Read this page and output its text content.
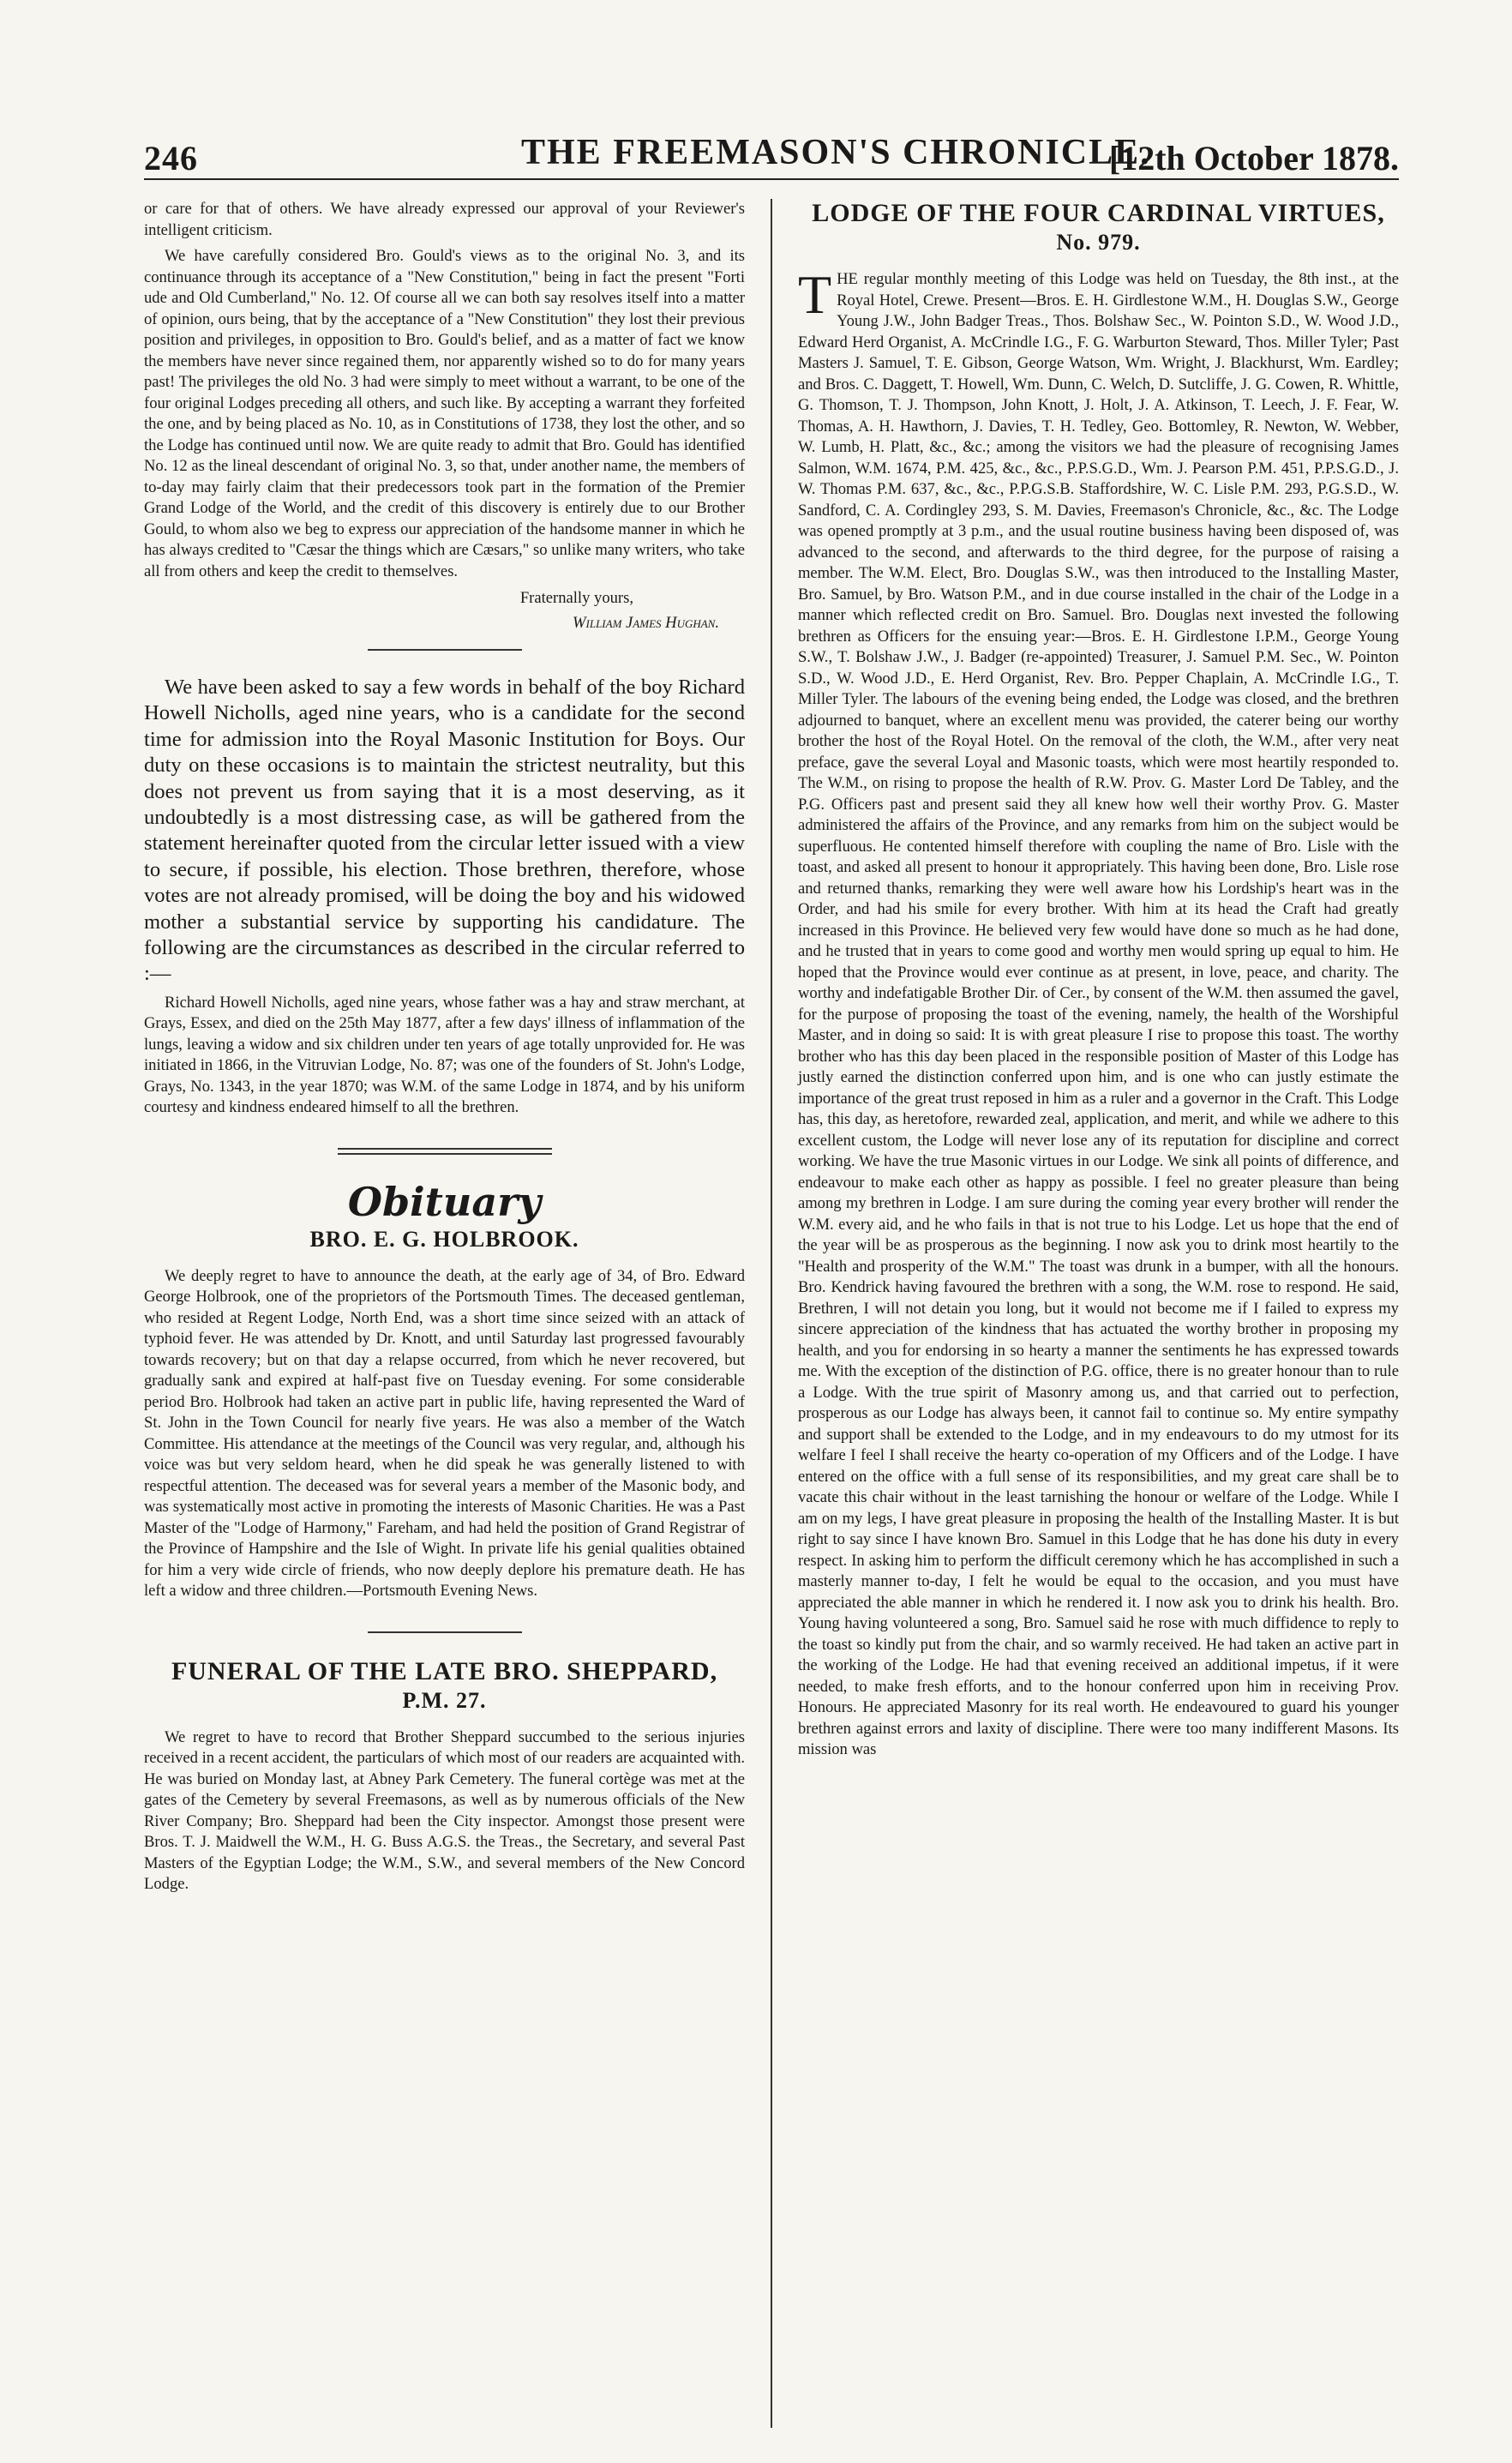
246	THE FREEMASON'S CHRONICLE.
[12th October 1878.

or care for that of others. We have already expressed our approval of your Reviewer's intelligent criticism.

We have carefully considered Bro. Gould's views as to the original No. 3, and its continuance through its acceptance of a "New Constitution," being in fact the present "Forti ude and Old Cumberland," No. 12. Of course all we can both say resolves itself into a matter of opinion, ours being, that by the acceptance of a "New Constitution" they lost their previous position and privileges, in opposition to Bro. Gould's belief, and as a matter of fact we know the members have never since regained them, nor apparently wished so to do for many years past! The privileges the old No. 3 had were simply to meet without a warrant, to be one of the four original Lodges preceding all others, and such like. By accepting a warrant they forfeited the one, and by being placed as No. 10, as in Constitutions of 1738, they lost the other, and so the Lodge has continued until now. We are quite ready to admit that Bro. Gould has identified No. 12 as the lineal descendant of original No. 3, so that, under another name, the members of to-day may fairly claim that their predecessors took part in the formation of the Premier Grand Lodge of the World, and the credit of this discovery is entirely due to our Brother Gould, to whom also we beg to express our appreciation of the handsome manner in which he has always credited to "Cæsar the things which are Cæsars," so unlike many writers, who take all from others and keep the credit to themselves.

Fraternally yours,
William James Hughan.

We have been asked to say a few words in behalf of the boy Richard Howell Nicholls, aged nine years, who is a candidate for the second time for admission into the Royal Masonic Institution for Boys. Our duty on these occasions is to maintain the strictest neutrality, but this does not prevent us from saying that it is a most deserving, as it undoubtedly is a most distressing case, as will be gathered from the statement hereinafter quoted from the circular letter issued with a view to secure, if possible, his election. Those brethren, therefore, whose votes are not already promised, will be doing the boy and his widowed mother a substantial service by supporting his candidature. The following are the circumstances as described in the circular referred to :—

Richard Howell Nicholls, aged nine years, whose father was a hay and straw merchant, at Grays, Essex, and died on the 25th May 1877, after a few days' illness of inflammation of the lungs, leaving a widow and six children under ten years of age totally unprovided for. He was initiated in 1866, in the Vitruvian Lodge, No. 87; was one of the founders of St. John's Lodge, Grays, No. 1343, in the year 1870; was W.M. of the same Lodge in 1874, and by his uniform courtesy and kindness endeared himself to all the brethren.

Obituary
BRO. E. G. HOLBROOK.

We deeply regret to have to announce the death, at the early age of 34, of Bro. Edward George Holbrook, one of the proprietors of the Portsmouth Times. The deceased gentleman, who resided at Regent Lodge, North End, was a short time since seized with an attack of typhoid fever. He was attended by Dr. Knott, and until Saturday last progressed favourably towards recovery; but on that day a relapse occurred, from which he never recovered, but gradually sank and expired at half-past five on Tuesday evening. For some considerable period Bro. Holbrook had taken an active part in public life, having represented the Ward of St. John in the Town Council for nearly five years. He was also a member of the Watch Committee. His attendance at the meetings of the Council was very regular, and, although his voice was but very seldom heard, when he did speak he was generally listened to with respectful attention. The deceased was for several years a member of the Masonic body, and was systematically most active in promoting the interests of Masonic Charities. He was a Past Master of the "Lodge of Harmony," Fareham, and had held the position of Grand Registrar of the Province of Hampshire and the Isle of Wight. In private life his genial qualities obtained for him a very wide circle of friends, who now deeply deplore his premature death. He has left a widow and three children.—Portsmouth Evening News.

FUNERAL OF THE LATE BRO. SHEPPARD,
P.M. 27.

We regret to have to record that Brother Sheppard succumbed to the serious injuries received in a recent accident, the particulars of which most of our readers are acquainted with. He was buried on Monday last, at Abney Park Cemetery. The funeral cortège was met at the gates of the Cemetery by several Freemasons, as well as by numerous officials of the New River Company; Bro. Sheppard had been the City inspector. Amongst those present were Bros. T. J. Maidwell the W.M., H. G. Buss A.G.S. the Treas., the Secretary, and several Past Masters of the Egyptian Lodge; the W.M., S.W., and several members of the New Concord Lodge.

LODGE OF THE FOUR CARDINAL VIRTUES,
No. 979.

THE regular monthly meeting of this Lodge was held on Tuesday, the 8th inst., at the Royal Hotel, Crewe. Present—Bros. E. H. Girdlestone W.M., H. Douglas S.W., George Young J.W., John Badger Treas., Thos. Bolshaw Sec., W. Pointon S.D., W. Wood J.D., Edward Herd Organist, A. McCrindle I.G., F. G. Warburton Steward, Thos. Miller Tyler; Past Masters J. Samuel, T. E. Gibson, George Watson, Wm. Wright, J. Blackhurst, Wm. Eardley; and Bros. C. Daggett, T. Howell, Wm. Dunn, C. Welch, D. Sutcliffe, J. G. Cowen, R. Whittle, G. Thomson, T. J. Thompson, John Knott, J. Holt, J. A. Atkinson, T. Leech, J. F. Fear, W. Thomas, A. H. Hawthorn, J. Davies, T. H. Tedley, Geo. Bottomley, R. Newton, W. Webber, W. Lumb, H. Platt, &c., &c.; among the visitors we had the pleasure of recognising James Salmon, W.M. 1674, P.M. 425, &c., &c., P.P.S.G.D., Wm. J. Pearson P.M. 451, P.P.S.G.D., J. W. Thomas P.M. 637, &c., &c., P.P.G.S.B. Staffordshire, W. C. Lisle P.M. 293, P.G.S.D., W. Sandford, C. A. Cordingley 293, S. M. Davies, Freemason's Chronicle, &c., &c. The Lodge was opened promptly at 3 p.m., and the usual routine business having been disposed of, was advanced to the second, and afterwards to the third degree, for the purpose of raising a member. The W.M. Elect, Bro. Douglas S.W., was then introduced to the Installing Master, Bro. Samuel, by Bro. Watson P.M., and in due course installed in the chair of the Lodge in a manner which reflected credit on Bro. Samuel. Bro. Douglas next invested the following brethren as Officers for the ensuing year:—Bros. E. H. Girdlestone I.P.M., George Young S.W., T. Bolshaw J.W., J. Badger (re-appointed) Treasurer, J. Samuel P.M. Sec., W. Pointon S.D., W. Wood J.D., E. Herd Organist, Rev. Bro. Pepper Chaplain, A. McCrindle I.G., T. Miller Tyler. The labours of the evening being ended, the Lodge was closed, and the brethren adjourned to banquet, where an excellent menu was provided, the caterer being our worthy brother the host of the Royal Hotel. On the removal of the cloth, the W.M., after very neat preface, gave the several Loyal and Masonic toasts, which were most heartily responded to. The W.M., on rising to propose the health of R.W. Prov. G. Master Lord De Tabley, and the P.G. Officers past and present said they all knew how well their worthy Prov. G. Master administered the affairs of the Province, and any remarks from him on the subject would be superfluous. He contented himself therefore with coupling the name of Bro. Lisle with the toast, and asked all present to honour it appropriately. This having been done, Bro. Lisle rose and returned thanks, remarking they were well aware how his Lordship's heart was in the Order, and had his smile for every brother. With him at its head the Craft had greatly increased in this Province. He believed very few would have done so much as he had done, and he trusted that in years to come good and worthy men would spring up equal to him. He hoped that the Province would ever continue as at present, in love, peace, and charity. The worthy and indefatigable Brother Dir. of Cer., by consent of the W.M. then assumed the gavel, for the purpose of proposing the toast of the evening, namely, the health of the Worshipful Master, and in doing so said: It is with great pleasure I rise to propose this toast. The worthy brother who has this day been placed in the responsible position of Master of this Lodge has justly earned the distinction conferred upon him, and is one who can justly estimate the importance of the great trust reposed in him as a ruler and a governor in the Craft. This Lodge has, this day, as heretofore, rewarded zeal, application, and merit, and while we adhere to this excellent custom, the Lodge will never lose any of its reputation for discipline and correct working. We have the true Masonic virtues in our Lodge. We sink all points of difference, and endeavour to make each other as happy as possible. I feel no greater pleasure than being among my brethren in Lodge. I am sure during the coming year every brother will render the W.M. every aid, and he who fails in that is not true to his Lodge. Let us hope that the end of the year will be as prosperous as the beginning. I now ask you to drink most heartily to the "Health and prosperity of the W.M." The toast was drunk in a bumper, with all the honours. Bro. Kendrick having favoured the brethren with a song, the W.M. rose to respond. He said, Brethren, I will not detain you long, but it would not become me if I failed to express my sincere appreciation of the kindness that has actuated the worthy brother in proposing my health, and you for endorsing in so hearty a manner the sentiments he has expressed towards me. With the exception of the distinction of P.G. office, there is no greater honour than to rule a Lodge. With the true spirit of Masonry among us, and that carried out to perfection, prosperous as our Lodge has always been, it cannot fail to continue so. My entire sympathy and support shall be extended to the Lodge, and in my endeavours to do my utmost for its welfare I feel I shall receive the hearty co-operation of my Officers and of the Lodge. I have entered on the office with a full sense of its responsibilities, and my great care shall be to vacate this chair without in the least tarnishing the honour or welfare of the Lodge. While I am on my legs, I have great pleasure in proposing the health of the Installing Master. It is but right to say since I have known Bro. Samuel in this Lodge that he has done his duty in every respect. In asking him to perform the difficult ceremony which he has accomplished in such a masterly manner to-day, I felt he would be equal to the occasion, and you must have appreciated the able manner in which he rendered it. I now ask you to drink his health. Bro. Young having volunteered a song, Bro. Samuel said he rose with much diffidence to reply to the toast so kindly put from the chair, and so warmly received. He had taken an active part in the working of the Lodge. He had that evening received an additional impetus, if it were needed, to make fresh efforts, and to the honour conferred upon him in receiving Prov. Honours. He appreciated Masonry for its real worth. He endeavoured to guard his younger brethren against errors and laxity of discipline. There were too many indifferent Masons. Its mission was
